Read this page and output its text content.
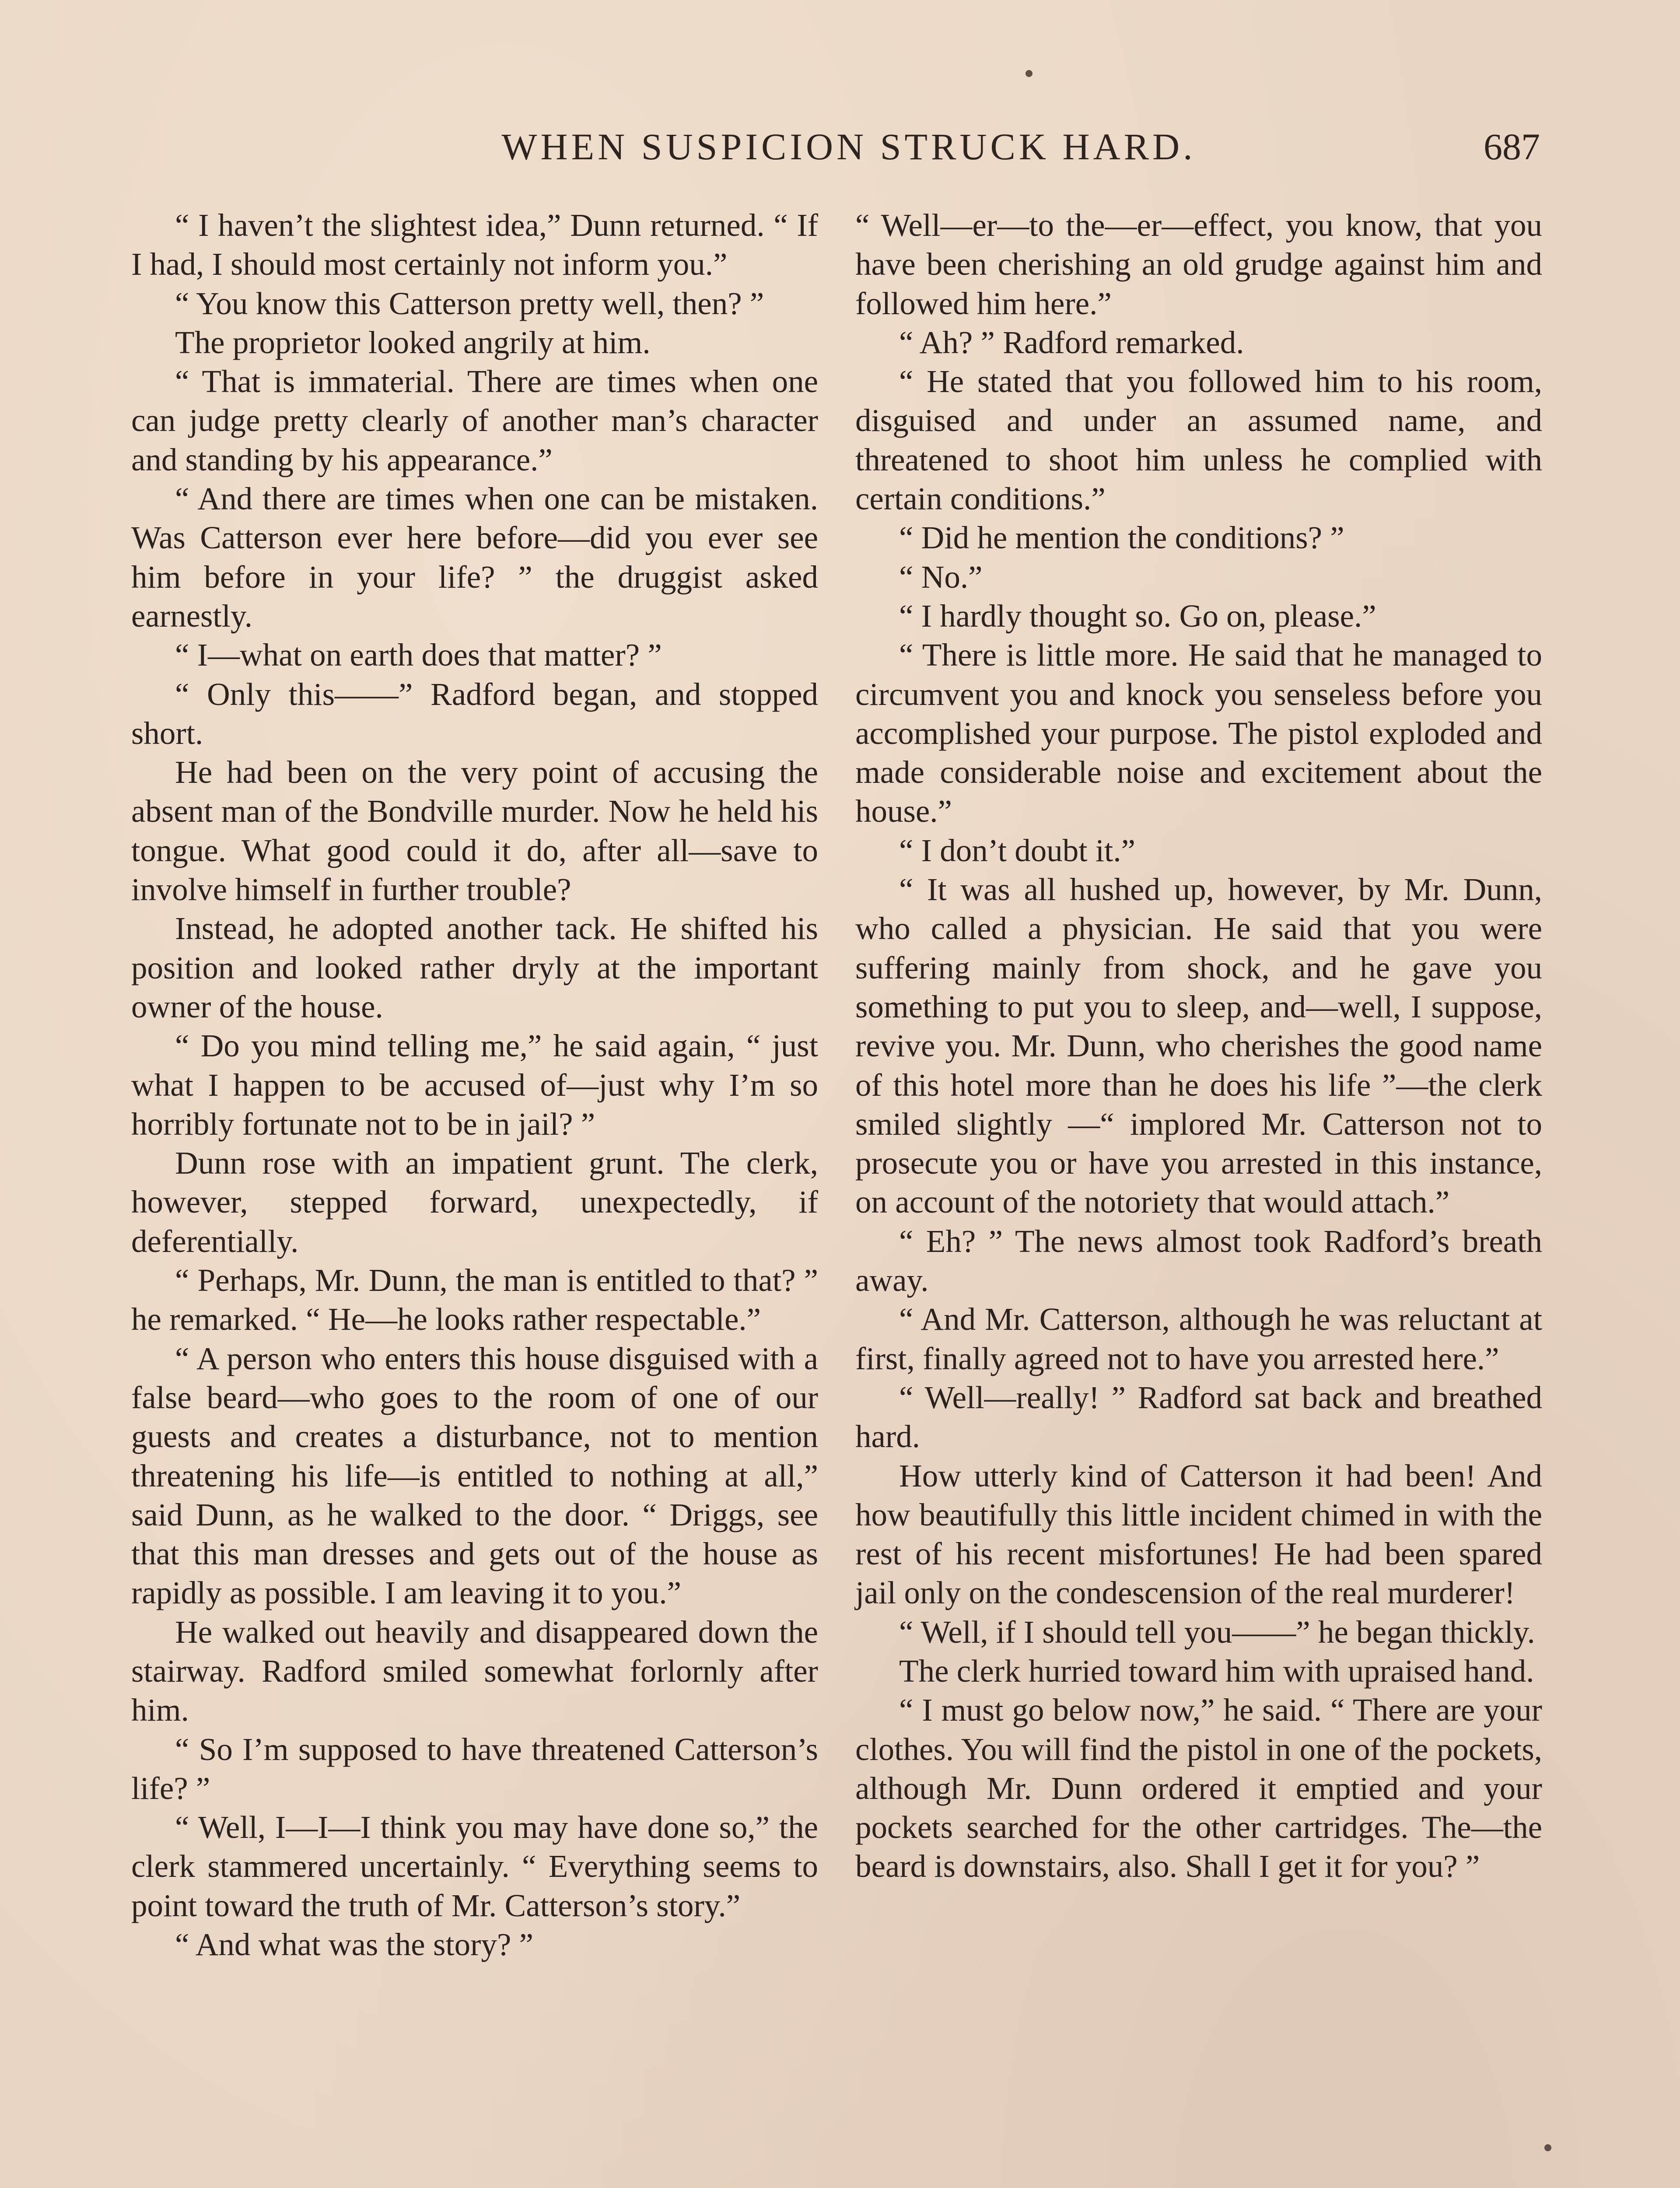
WHEN SUSPICION STRUCK HARD.	687

“ I haven’t the slightest idea,” Dunn returned. “ If I had, I should most certainly not inform you.”

“ You know this Catterson pretty well, then? ”

The proprietor looked angrily at him.

“ That is immaterial. There are times when one can judge pretty clearly of another man’s character and standing by his appearance.”

“ And there are times when one can be mistaken. Was Catterson ever here before—did you ever see him before in your life? ” the druggist asked earnestly.

“ I—what on earth does that matter? ”

“ Only this——” Radford began, and stopped short.

He had been on the very point of accusing the absent man of the Bondville murder. Now he held his tongue. What good could it do, after all—save to involve himself in further trouble?

Instead, he adopted another tack. He shifted his position and looked rather dryly at the important owner of the house.

“ Do you mind telling me,” he said again, “ just what I happen to be accused of—just why I’m so horribly fortunate not to be in jail? ”

Dunn rose with an impatient grunt. The clerk, however, stepped forward, unexpectedly, if deferentially.

“ Perhaps, Mr. Dunn, the man is entitled to that? ” he remarked. “ He—he looks rather respectable.”

“ A person who enters this house disguised with a false beard—who goes to the room of one of our guests and creates a disturbance, not to mention threatening his life—is entitled to nothing at all,” said Dunn, as he walked to the door. “ Driggs, see that this man dresses and gets out of the house as rapidly as possible. I am leaving it to you.”

He walked out heavily and disappeared down the stairway. Radford smiled somewhat forlornly after him.

“ So I’m supposed to have threatened Catterson’s life? ”

“ Well, I—I—I think you may have done so,” the clerk stammered uncertainly. “ Everything seems to point toward the truth of Mr. Catterson’s story.”

“ And what was the story? ”

“ Well—er—to the—er—effect, you know, that you have been cherishing an old grudge against him and followed him here.”

“ Ah? ” Radford remarked.

“ He stated that you followed him to his room, disguised and under an assumed name, and threatened to shoot him unless he complied with certain conditions.”

“ Did he mention the conditions? ”

“ No.”

“ I hardly thought so. Go on, please.”

“ There is little more. He said that he managed to circumvent you and knock you senseless before you accomplished your purpose. The pistol exploded and made considerable noise and excitement about the house.”

“ I don’t doubt it.”

“ It was all hushed up, however, by Mr. Dunn, who called a physician. He said that you were suffering mainly from shock, and he gave you something to put you to sleep, and—well, I suppose, revive you. Mr. Dunn, who cherishes the good name of this hotel more than he does his life ”—the clerk smiled slightly —“ implored Mr. Catterson not to prosecute you or have you arrested in this instance, on account of the notoriety that would attach.”

“ Eh? ” The news almost took Radford’s breath away.

“ And Mr. Catterson, although he was reluctant at first, finally agreed not to have you arrested here.”

“ Well—really! ” Radford sat back and breathed hard.

How utterly kind of Catterson it had been! And how beautifully this little incident chimed in with the rest of his recent misfortunes! He had been spared jail only on the condescension of the real murderer!

“ Well, if I should tell you——” he began thickly.

The clerk hurried toward him with upraised hand.

“ I must go below now,” he said. “ There are your clothes. You will find the pistol in one of the pockets, although Mr. Dunn ordered it emptied and your pockets searched for the other cartridges. The—the beard is downstairs, also. Shall I get it for you? ”
